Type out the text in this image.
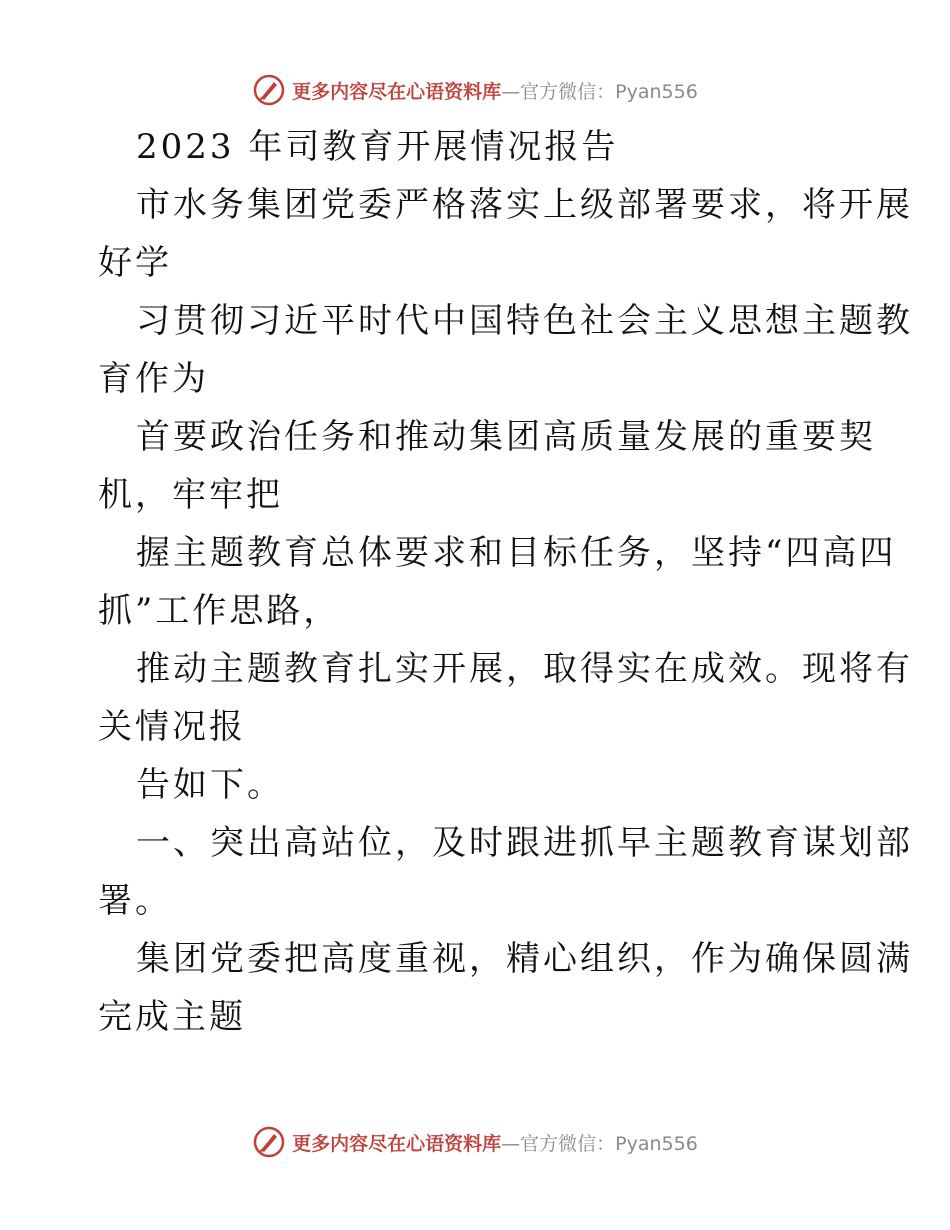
更多内容尽在心语资料库—官方微信：Pyan556
2023 年司教育开展情况报告
市水务集团党委严格落实上级部署要求，将开展
好学
习贯彻习近平时代中国特色社会主义思想主题教
育作为
首要政治任务和推动集团高质量发展的重要契
机，牢牢把
握主题教育总体要求和目标任务，坚持“四高四
抓”工作思路，
推动主题教育扎实开展，取得实在成效。现将有
关情况报
告如下。
一、突出高站位，及时跟进抓早主题教育谋划部
署。
集团党委把高度重视，精心组织，作为确保圆满
完成主题
更多内容尽在心语资料库—官方微信：Pyan556
